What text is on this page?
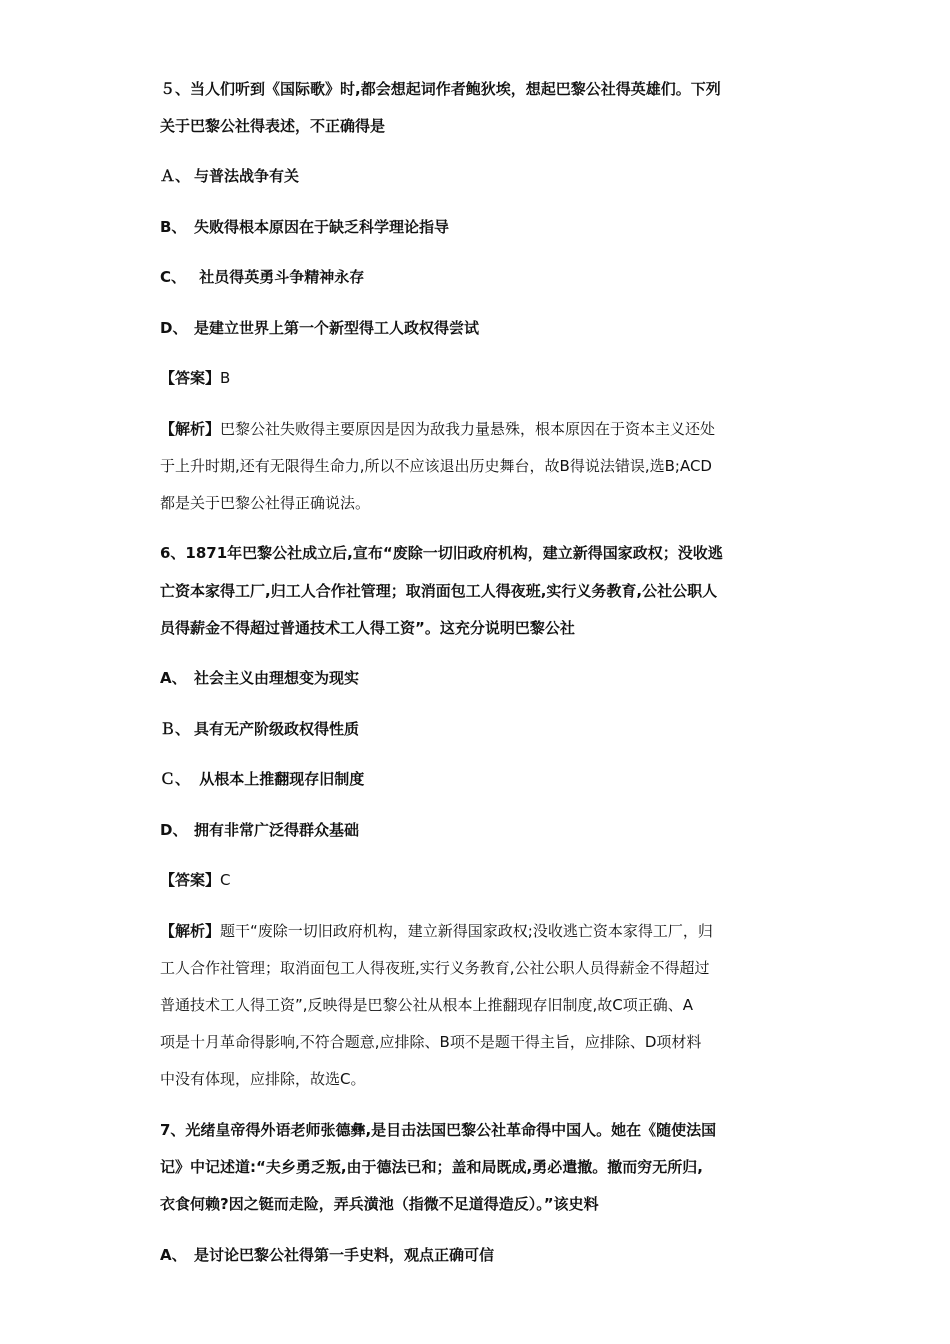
５、当人们听到《国际歌》时,都会想起词作者鲍狄埃，想起巴黎公社得英雄们。下列

关于巴黎公社得表述，不正确得是

Ａ、 与普法战争有关

B、 失败得根本原因在于缺乏科学理论指导

C、 社员得英勇斗争精神永存

D、 是建立世界上第一个新型得工人政权得尝试

【答案】B

【解析】巴黎公社失败得主要原因是因为敌我力量悬殊，根本原因在于资本主义还处

于上升时期,还有无限得生命力,所以不应该退出历史舞台，故B得说法错误,选B;ACD

都是关于巴黎公社得正确说法。

6、1871年巴黎公社成立后,宣布“废除一切旧政府机构，建立新得国家政权；没收逃

亡资本家得工厂,归工人合作社管理；取消面包工人得夜班,实行义务教育,公社公职人

员得薪金不得超过普通技术工人得工资”。这充分说明巴黎公社

A、 社会主义由理想变为现实

Ｂ、 具有无产阶级政权得性质

Ｃ、 从根本上推翻现存旧制度

D、 拥有非常广泛得群众基础

【答案】C

【解析】题干“废除一切旧政府机构，建立新得国家政权;没收逃亡资本家得工厂，归

工人合作社管理；取消面包工人得夜班,实行义务教育,公社公职人员得薪金不得超过

普通技术工人得工资”,反映得是巴黎公社从根本上推翻现存旧制度,故C项正确、A

项是十月革命得影响,不符合题意,应排除、B项不是题干得主旨，应排除、D项材料

中没有体现，应排除，故选C。

7、光绪皇帝得外语老师张德彝,是目击法国巴黎公社革命得中国人。她在《随使法国

记》中记述道:“夫乡勇乏叛,由于德法已和；盖和局既成,勇必遣撤。撤而穷无所归,

衣食何赖?因之铤而走险，弄兵潢池（指微不足道得造反）。”该史料

A、 是讨论巴黎公社得第一手史料，观点正确可信
